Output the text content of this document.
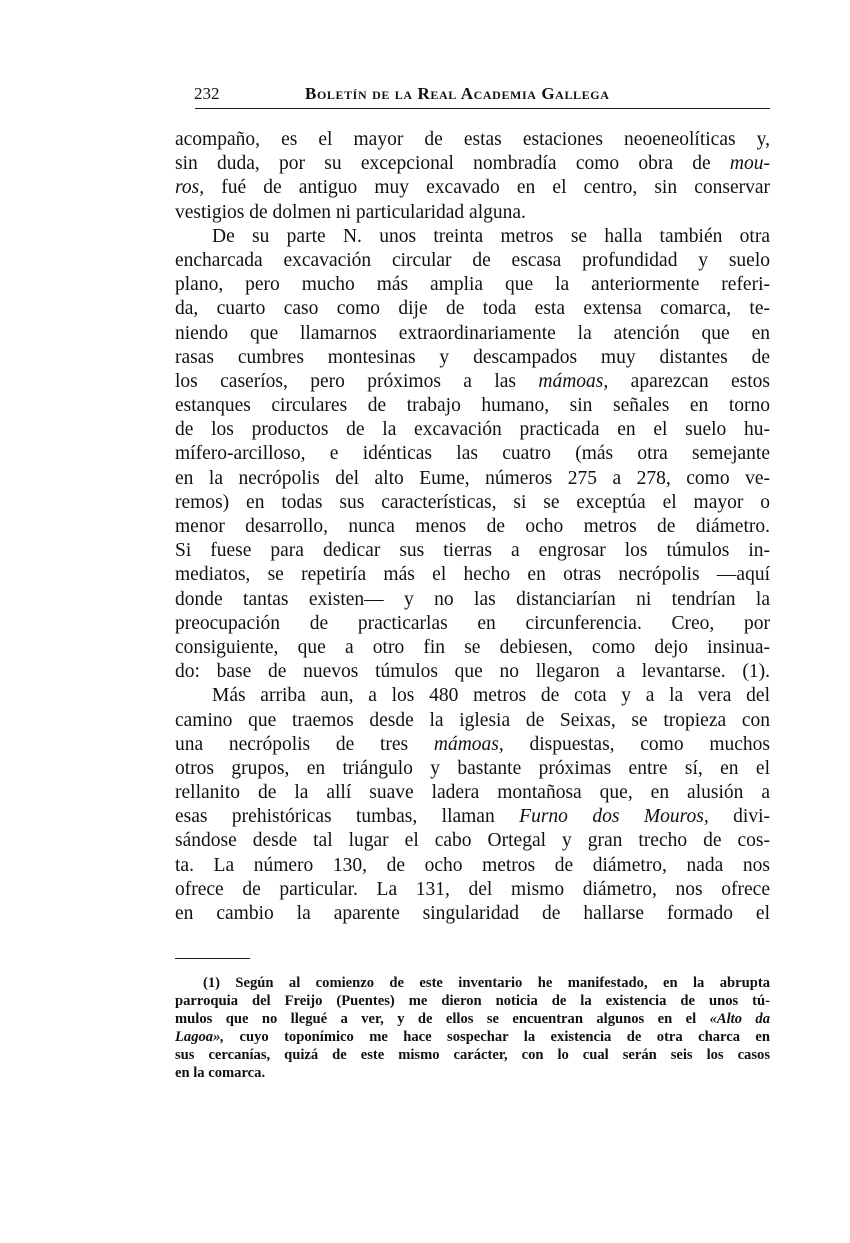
232	Boletín de la Real Academia Gallega
acompaño, es el mayor de estas estaciones neoeneolíticas y,
sin duda, por su excepcional nombradía como obra de mou-
ros, fué de antiguo muy excavado en el centro, sin conservar
vestigios de dolmen ni particularidad alguna.
De su parte N. unos treinta metros se halla también otra
encharcada excavación circular de escasa profundidad y suelo
plano, pero mucho más amplia que la anteriormente referi-
da, cuarto caso como dije de toda esta extensa comarca, te-
niendo que llamarnos extraordinariamente la atención que en
rasas cumbres montesinas y descampados muy distantes de
los caseríos, pero próximos a las mámoas, aparezcan estos
estanques circulares de trabajo humano, sin señales en torno
de los productos de la excavación practicada en el suelo hu-
mífero-arcilloso, e idénticas las cuatro (más otra semejante
en la necrópolis del alto Eume, números 275 a 278, como ve-
remos) en todas sus características, si se exceptúa el mayor o
menor desarrollo, nunca menos de ocho metros de diámetro.
Si fuese para dedicar sus tierras a engrosar los túmulos in-
mediatos, se repetiría más el hecho en otras necrópolis —aquí
donde tantas existen— y no las distanciarían ni tendrían la
preocupación de practicarlas en circunferencia. Creo, por
consiguiente, que a otro fin se debiesen, como dejo insinua-
do: base de nuevos túmulos que no llegaron a levantarse. (1).
Más arriba aun, a los 480 metros de cota y a la vera del
camino que traemos desde la iglesia de Seixas, se tropieza con
una necrópolis de tres mámoas, dispuestas, como muchos
otros grupos, en triángulo y bastante próximas entre sí, en el
rellanito de la allí suave ladera montañosa que, en alusión a
esas prehistóricas tumbas, llaman Furno dos Mouros, divi-
sándose desde tal lugar el cabo Ortegal y gran trecho de cos-
ta. La número 130, de ocho metros de diámetro, nada nos
ofrece de particular. La 131, del mismo diámetro, nos ofrece
en cambio la aparente singularidad de hallarse formado el
(1) Según al comienzo de este inventario he manifestado, en la abrupta
parroquia del Freijo (Puentes) me dieron noticia de la existencia de unos tú-
mulos que no llegué a ver, y de ellos se encuentran algunos en el «Alto da
Lagoa», cuyo toponímico me hace sospechar la existencia de otra charca en
sus cercanías, quizá de este mismo carácter, con lo cual serán seis los casos
en la comarca.
